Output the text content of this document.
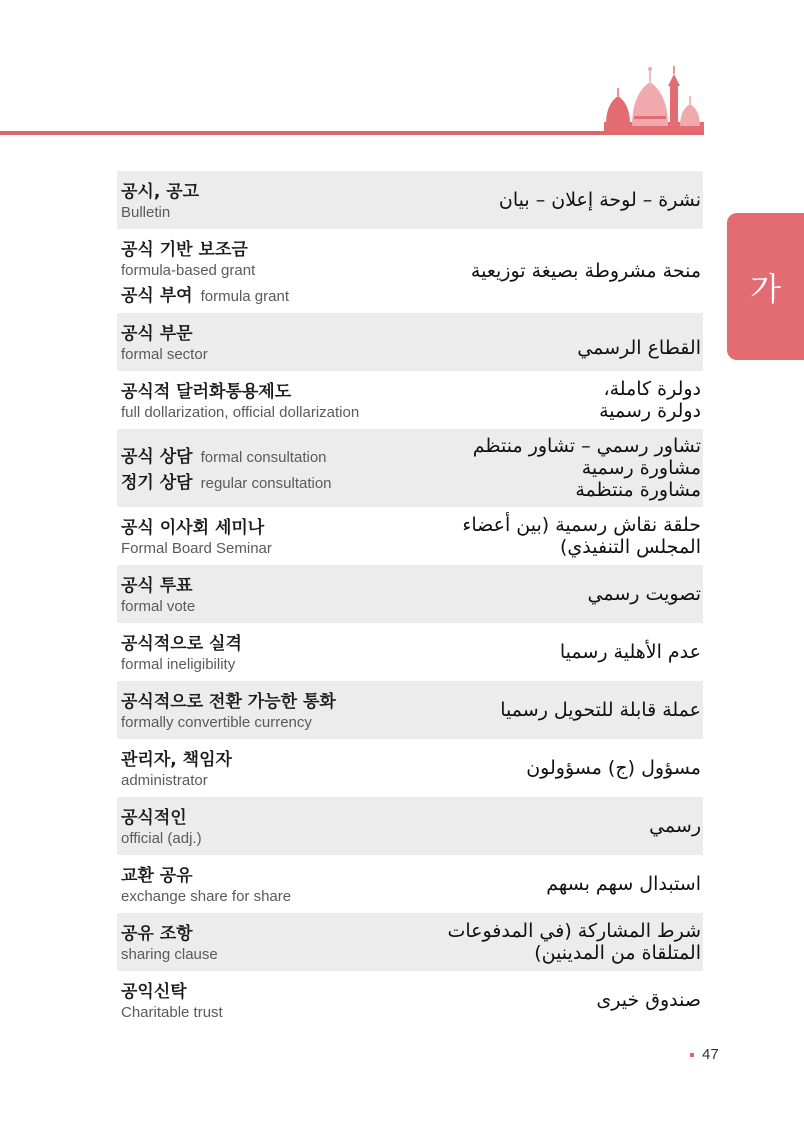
가
공시, 공고
Bulletin
نشرة – لوحة إعلان – بيان
공식 기반 보조금
formula-based grant
공식 부여 formula grant
منحة مشروطة بصيغة توزيعية
공식 부문
formal sector	القطاع الرسمي
공식적 달러화통용제도
full dollarization, official dollarization
دولرة كاملة،
دولرة رسمية
공식 상담 formal consultation
정기 상담 regular consultation
تشاور رسمي – تشاور منتظم
مشاورة رسمية
مشاورة منتظمة
공식 이사회 세미나
Formal Board Seminar
حلقة نقاش رسمية (بين أعضاء
المجلس التنفيذي)
공식 투표
formal vote
تصويت رسمي
공식적으로 실격
formal ineligibility
عدم الأهلية رسميا
공식적으로 전환 가능한 통화
formally convertible currency
عملة قابلة للتحويل رسميا
관리자, 책임자
administrator
مسؤول (ج) مسؤولون
공식적인
official (adj.)
رسمي
교환 공유
exchange share for share
استبدال سهم بسهم
공유 조항
sharing clause
شرط المشاركة (في المدفوعات
المتلقاة من المدينين)
공익신탁
Charitable trust
صندوق خيرى
47
